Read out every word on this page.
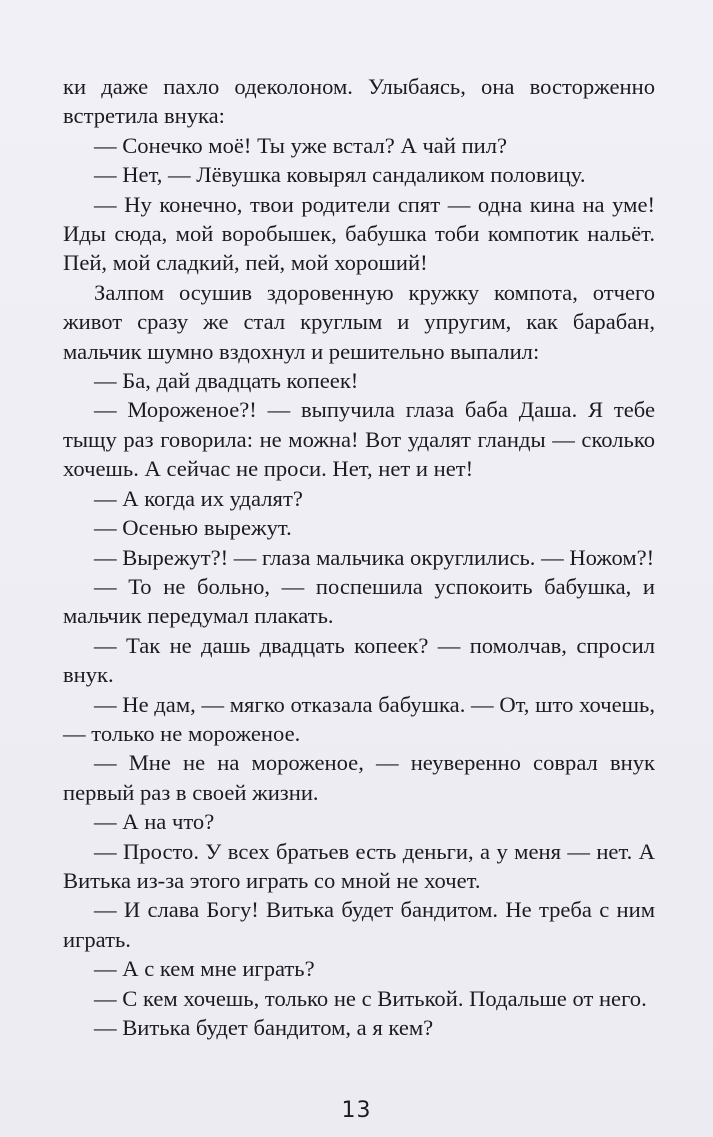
ки даже пахло одеколоном. Улыбаясь, она восторженно встретила внука:

— Сонечко моё! Ты уже встал? А чай пил?

— Нет, — Лёвушка ковырял сандаликом половицу.

— Ну конечно, твои родители спят — одна кина на уме! Иды сюда, мой воробышек, бабушка тоби компотик нальёт. Пей, мой сладкий, пей, мой хороший!

Залпом осушив здоровенную кружку компота, отчего живот сразу же стал круглым и упругим, как барабан, мальчик шумно вздохнул и решительно выпалил:

— Ба, дай двадцать копеек!

— Мороженое?! — выпучила глаза баба Даша. Я тебе тыщу раз говорила: не можна! Вот удалят гланды — сколько хочешь. А сейчас не проси. Нет, нет и нет!

— А когда их удалят?

— Осенью вырежут.

— Вырежут?! — глаза мальчика округлились. — Ножом?!

— То не больно, — поспешила успокоить бабушка, и мальчик передумал плакать.

— Так не дашь двадцать копеек? — помолчав, спросил внук.

— Не дам, — мягко отказала бабушка. — От, што хочешь, — только не мороженое.

— Мне не на мороженое, — неуверенно соврал внук первый раз в своей жизни.

— А на что?

— Просто. У всех братьев есть деньги, а у меня — нет. А Витька из-за этого играть со мной не хочет.

— И слава Богу! Витька будет бандитом. Не треба с ним играть.

— А с кем мне играть?

— С кем хочешь, только не с Витькой. Подальше от него.

— Витька будет бандитом, а я кем?

13
